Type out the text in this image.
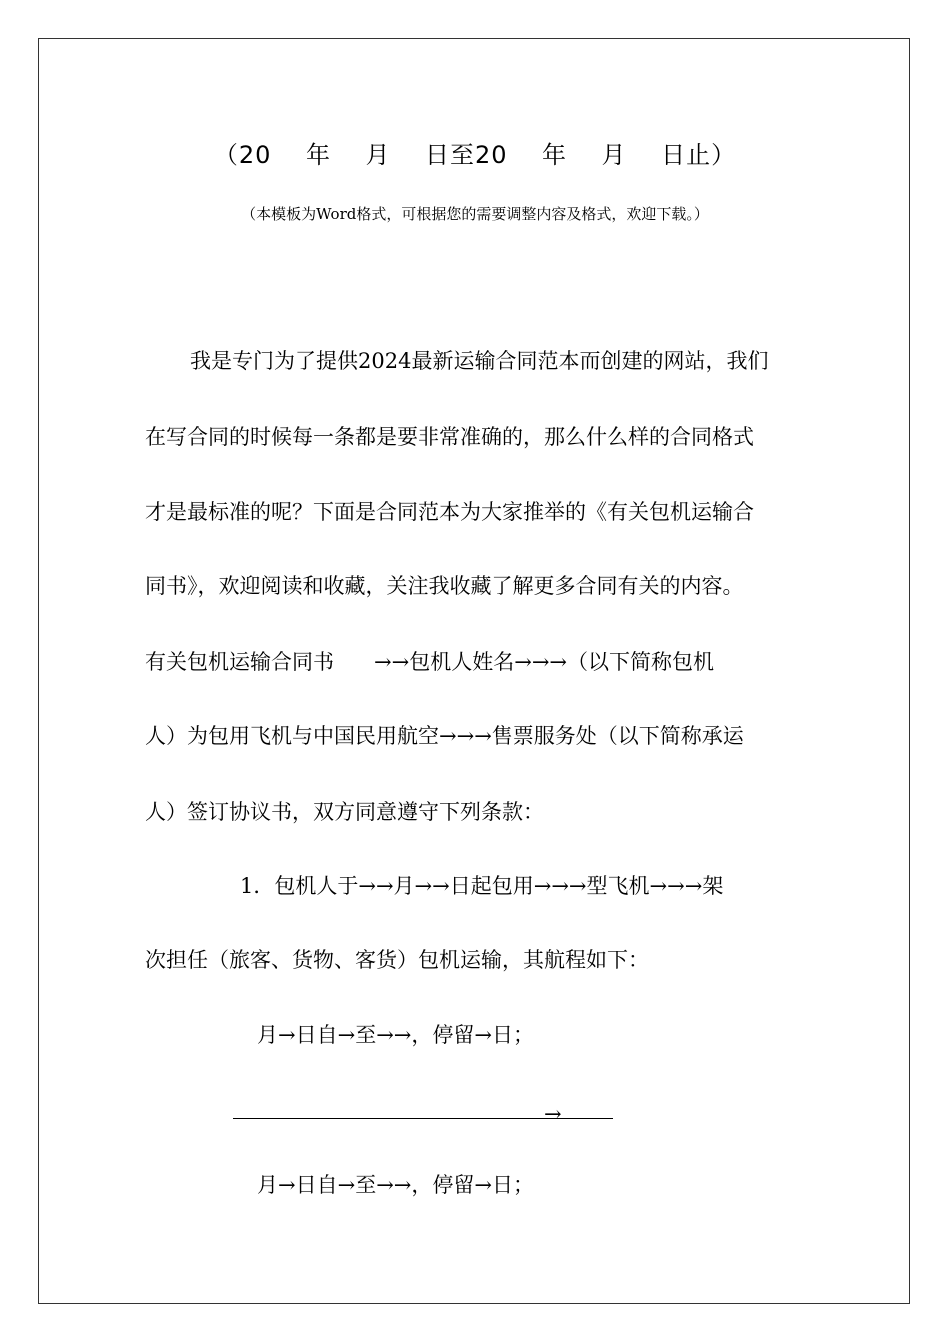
（20    年    月    日至20    年    月    日止）
（本模板为Word格式，可根据您的需要调整内容及格式，欢迎下载。）
我是专门为了提供2024最新运输合同范本而创建的网站，我们
在写合同的时候每一条都是要非常准确的，那么什么样的合同格式
才是最标准的呢？下面是合同范本为大家推举的《有关包机运输合
同书》，欢迎阅读和收藏，关注我收藏了解更多合同有关的内容。
有关包机运输合同书      →→包机人姓名→→→（以下简称包机
人）为包用飞机与中国民用航空→→→售票服务处（以下简称承运
人）签订协议书，双方同意遵守下列条款：
1．包机人于→→月→→日起包用→→→型飞机→→→架
次担任（旅客、货物、客货）包机运输，其航程如下：
月→日自→至→→，停留→日；
→
月→日自→至→→，停留→日；
